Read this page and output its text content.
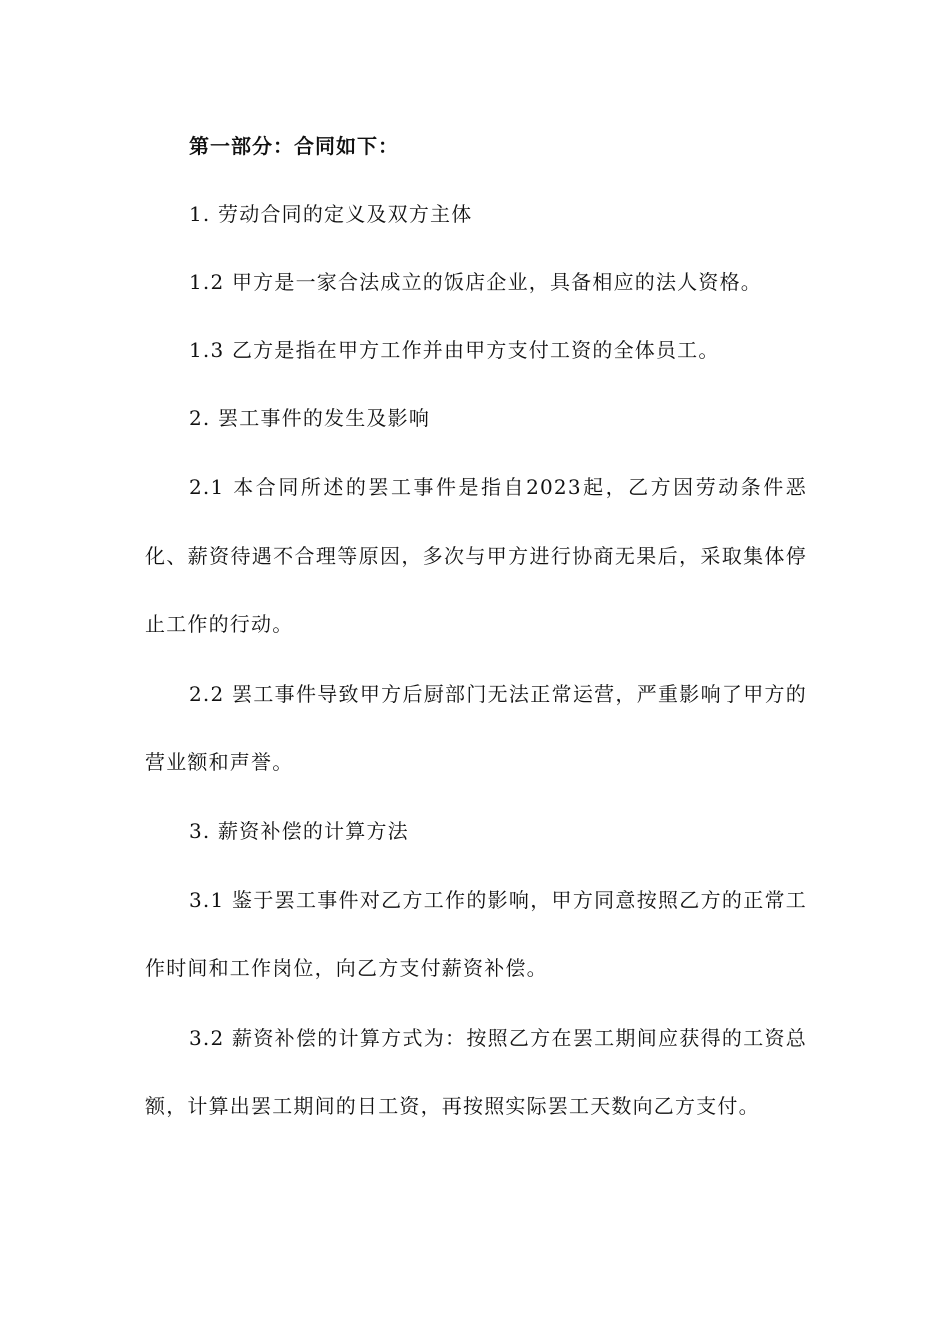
第一部分：合同如下：

1. 劳动合同的定义及双方主体

1.2 甲方是一家合法成立的饭店企业，具备相应的法人资格。

1.3 乙方是指在甲方工作并由甲方支付工资的全体员工。

2. 罢工事件的发生及影响

2.1 本合同所述的罢工事件是指自2023起，乙方因劳动条件恶化、薪资待遇不合理等原因，多次与甲方进行协商无果后，采取集体停止工作的行动。

2.2 罢工事件导致甲方后厨部门无法正常运营，严重影响了甲方的营业额和声誉。

3. 薪资补偿的计算方法

3.1 鉴于罢工事件对乙方工作的影响，甲方同意按照乙方的正常工作时间和工作岗位，向乙方支付薪资补偿。

3.2 薪资补偿的计算方式为：按照乙方在罢工期间应获得的工资总额，计算出罢工期间的日工资，再按照实际罢工天数向乙方支付。
